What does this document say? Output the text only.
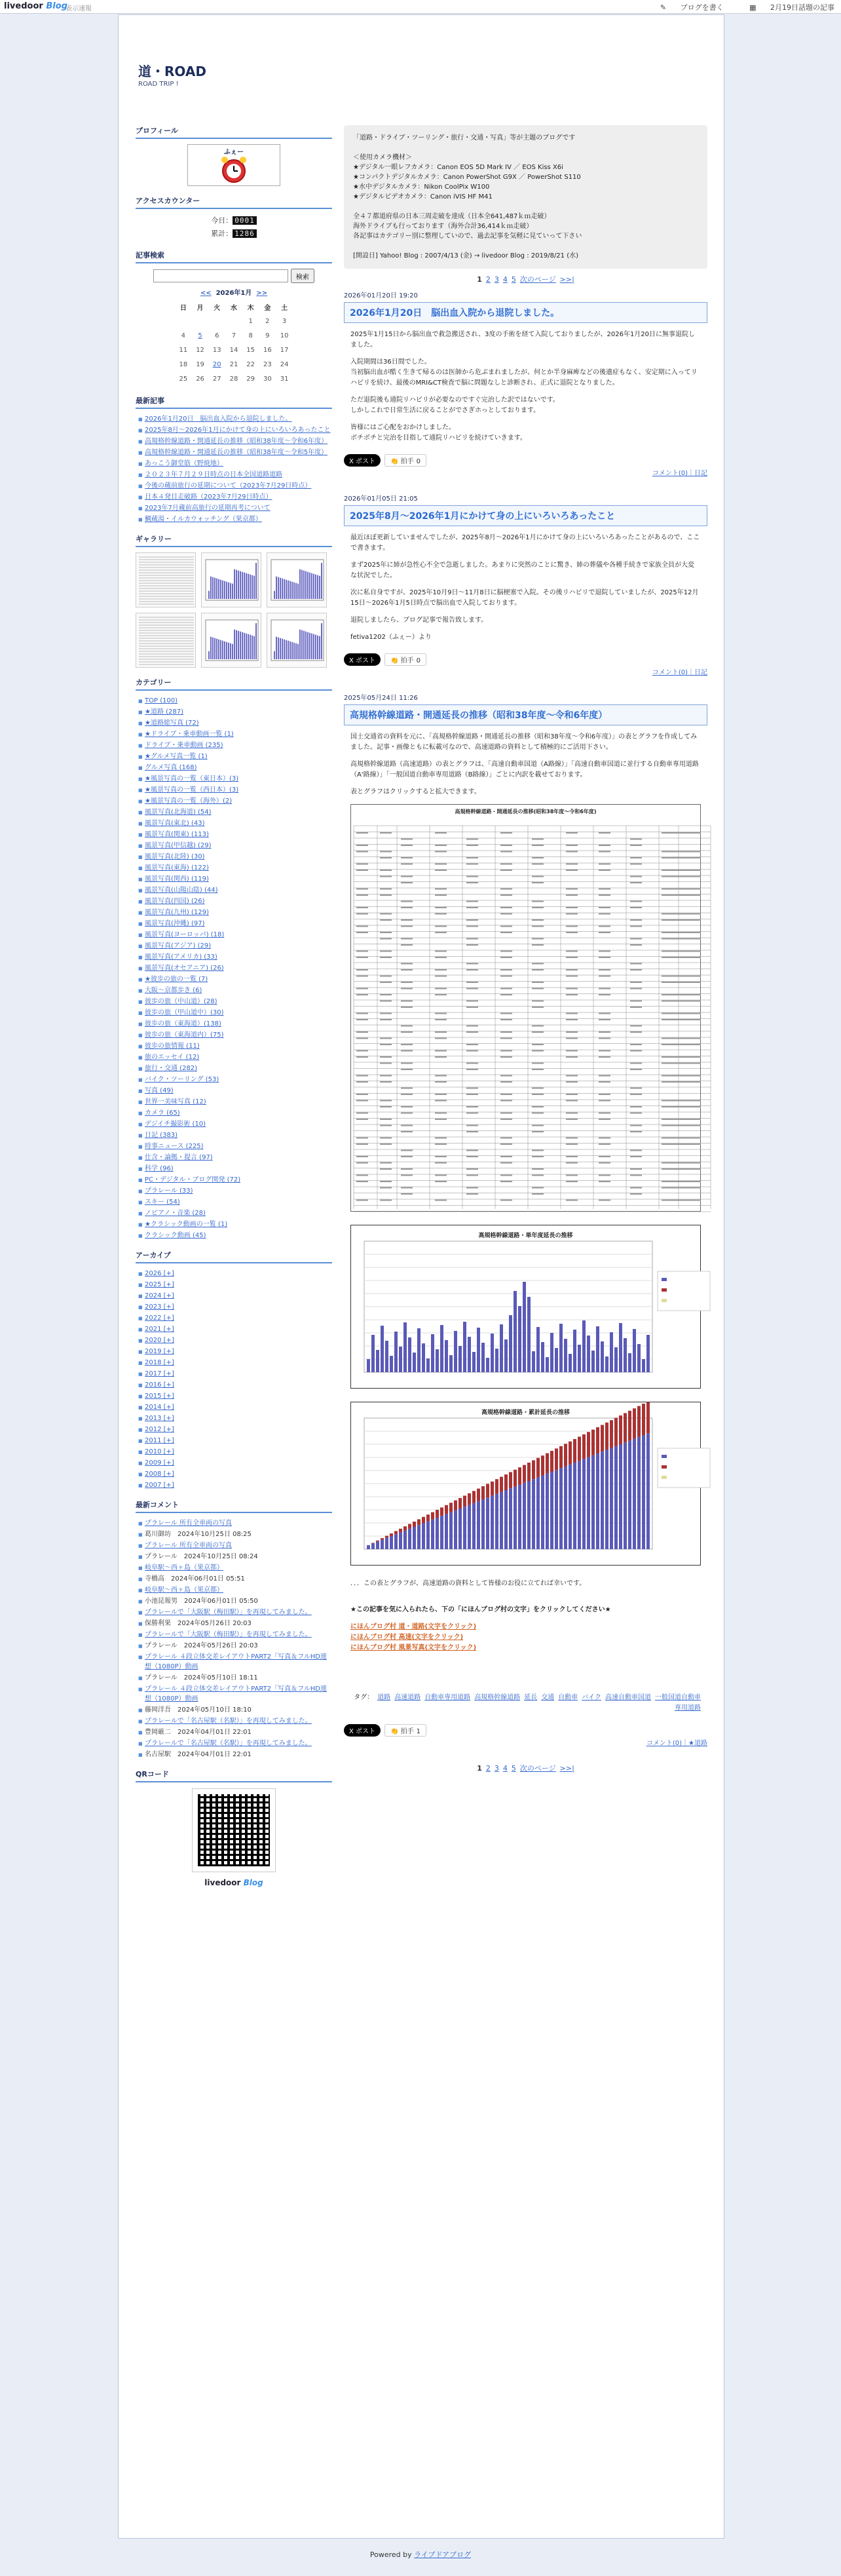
livedoor Blog
表示速報	✎ ブログを書く	▦ 2月19日話題の記事
道・ROAD
ROAD TRIP !
プロフィール
ふぇー
アクセスカウンター
今日： 0001
累計： 1286
記事検索
検索
<< 2026年1月 >>
日	月	火	水	木	金	土
				1	2	3
4	5	6	7	8	9	10
11	12	13	14	15	16	17
18	19	20	21	22	23	24
25	26	27	28	29	30	31
最新記事
■ 2026年1月20日　脳出血入院から退院しました。
■ 2025年8月〜2026年1月にかけて身の上にいろいろあったこと
■ 高規格幹線道路・開通延長の推移（昭和38年度〜令和6年度）
■ 高規格幹線道路・開通延長の推移（昭和38年度〜令和5年度）
■ あっこう御堂筋（野焼地）
■ ２０２３年７月２９日時点の日本全国道路道路
■ 今後の蔵前旅行の延期について（2023年7月29日時点）
■ 日本４発目走破路（2023年7月29日時点）
■ 2023年7月蔵前高旅行の延期再考について
■ 鯛蔵湯・イルカウォッチング（果京都）
ギャラリー
カテゴリー
■ TOP (100)
■ ★道路 (287)
■ ★道路総写真 (72)
■ ★ドライブ・乗車動画一覧 (1)
■ ドライブ・乗車動画 (235)
■ ★グルメ写真一覧 (1)
■ グルメ写真 (168)
■ ★風景写真の一覧（東日本）(3)
■ ★風景写真の一覧（西日本）(3)
■ ★風景写真の一覧（海外）(2)
■ 風景写真(北海道) (54)
■ 風景写真(東北) (43)
■ 風景写真(関東) (113)
■ 風景写真(甲信越) (29)
■ 風景写真(北陸) (30)
■ 風景写真(東海) (122)
■ 風景写真(関西) (119)
■ 風景写真(山陽山陰) (44)
■ 風景写真(四国) (26)
■ 風景写真(九州) (129)
■ 風景写真(沖縄) (97)
■ 風景写真(ヨーロッパ) (18)
■ 風景写真(アジア) (29)
■ 風景写真(アメリカ) (33)
■ 風景写真(オセアニア) (26)
■ ★彼歩の旅の一覧 (7)
■ 大阪〜京都歩き (6)
■ 彼歩の旅（中山道）(28)
■ 彼歩の旅（甲山道中）(30)
■ 彼歩の旅（東海道）(138)
■ 彼歩の旅（東海道内）(75)
■ 彼歩の旅情報 (11)
■ 旅のエッセイ (12)
■ 旅行・交通 (282)
■ バイク・ツーリング (53)
■ 写真 (49)
■ 世界一美味写真 (12)
■ カメラ (65)
■ デジイチ撮影術 (10)
■ 日記 (383)
■ 時事ニュース (225)
■ 仕含・論拠・提言 (97)
■ 科学 (96)
■ PC・デジタル・ブログ開発 (72)
■ プラレール (33)
■ スキー (54)
■ ノピアノ・音楽 (28)
■ ★クラシック動画の一覧 (1)
■ クラシック動画 (45)
アーカイブ
■ 2026 [+]
■ 2025 [+]
■ 2024 [+]
■ 2023 [+]
■ 2022 [+]
■ 2021 [+]
■ 2020 [+]
■ 2019 [+]
■ 2018 [+]
■ 2017 [+]
■ 2016 [+]
■ 2015 [+]
■ 2014 [+]
■ 2013 [+]
■ 2012 [+]
■ 2011 [+]
■ 2010 [+]
■ 2009 [+]
■ 2008 [+]
■ 2007 [+]
最新コメント
■ プラレール 所有全車両の写真
■ 葛川御坊　2024年10月25日 08:25
■ プラレール 所有全車両の写真
■ プラレール　2024年10月25日 08:24
■ 岐阜駅〜西ヶ島（果京都）
■ 寺橋高　2024年06月01日 05:51
■ 岐阜駅〜西ヶ島（果京都）
■ 小池昆報男　2024年06月01日 05:50
■ プラレールで「大阪駅（梅田駅）」を再現してみました。
■ 保勝利果　2024年05月26日 20:03
■ プラレールで「大阪駅（梅田駅）」を再現してみました。
■ プラレール　2024年05月26日 20:03
■ プラレール ４段立体交差レイアウトPART2「写真＆フルHD連想（1080P）動画
■ プラレール　2024年05月10日 18:11
■ プラレール ４段立体交差レイアウトPART2「写真＆フルHD連想（1080P）動画
■ 藤岡洋吾　2024年05月10日 18:10
■ プラレールで「名古屋駅（名駅）」を再現してみました。
■ 豊岡厳二　2024年04月01日 22:01
■ プラレールで「名古屋駅（名駅）」を再現してみました。
■ 名古屋駅　2024年04月01日 22:01
QRコード
livedoor Blog
「道路・ドライブ・ツーリング・旅行・交通・写真」等が主題のブログです

＜使用カメラ機材＞
★デジタル一眼レフカメラ：Canon EOS 5D Mark IV ／ EOS Kiss X6i
★コンパクトデジタルカメラ：Canon PowerShot G9X ／ PowerShot S110
★水中デジタルカメラ：Nikon CoolPix W100
★デジタルビデオカメラ：Canon iVIS HF M41

全４７都道府県の日本三周走破を達成（日本全641,487ｋｍ走破）
海外ドライブも行っております（海外合計36,414ｋｍ走破）
各記事はカテゴリー別に整理していので、過去記事を気軽に見ていって下さい

[開設日] Yahoo! Blog : 2007/4/13 (金) → livedoor Blog : 2019/8/21 (水)
1 2 3 4 5 次のページ >>|
2026年01月20日 19:20
2026年1月20日　脳出血入院から退院しました。

2025年1月15日から脳出血で救急搬送され、3度の手術を経て入院しておりましたが、2026年1月20日に無事退院しました。

入院期間は36日間でした。
当初脳出血が酷く生きて帰るのは医師から危ぶまれましたが、何とか半身麻痺などの後遺症もなく、安定期に入ってリハビリを続け、最後のMRI&CT検査で脳に問題なしと診断され、正式に退院となりました。

ただ退院後も通院リハビリが必要なのですぐ完治した訳ではないです。
しかしこれで日常生活に戻ることがでさぎホっとしております。

皆様にはご心配をおかけしました。
ボチボチと完治を目指して通院リハビリを続けていきます。

X ポスト 👏 拍手 0
コメント(0)｜日記
2026年01月05日 21:05
2025年8月〜2026年1月にかけて身の上にいろいろあったこと

最近ほぼ更新していませんでしたが、2025年8月〜2026年1月にかけて身の上にいろいろあったことがあるので、ここで書きます。

まず2025年に姉が急性心不全で急逝しました。あまりに突然のことに驚き、姉の葬儀や各種手続きで家族全員が大変な状況でした。

次に私自身ですが、2025年10月9日〜11月8日に脳梗塞で入院。その後リハビリで退院していましたが、2025年12月15日〜2026年1月5日時点で脳出血で入院しております。

退院しましたら、ブログ記事で報告致します。

fetiva1202（ふぇー）より

X ポスト 👏 拍手 0
コメント(0)｜日記
2025年05月24日 11:26
高規格幹線道路・開通延長の推移（昭和38年度〜令和6年度）

国土交通省の資料を元に、「高規格幹線道路・開通延長の推移（昭和38年度〜令和6年度）」の表とグラフを作成してみました。記事・画像ともに転載可なので、高速道路の資料として積極的にご活用下さい。

高規格幹線道路（高速道路）の表とグラフは、「高速自動車国道（A路線）」「高速自動車国道に並行する自動車専用道路（A'路線）」「一般国道自動車専用道路（B路線）」ごとに内訳を載せております。

表とグラフはクリックすると拡大できます。

高規格幹線道路・開通延長の推移(昭和38年度〜令和6年度)
高規格幹線道路・単年度延長の推移
高規格幹線道路・累計延長の推移

．．．この表とグラフが、高速道路の資料として皆様のお役に立てれば幸いです。

★この記事を気に入られたら、下の「にほんブログ村の文字」をクリックしてください★

にほんブログ村 道・道路(文字をクリック)
にほんブログ村 高速(文字をクリック)
にほんブログ村 風景写真(文字をクリック)
タグ： 道路 高速道路 自動車専用道路 高規格幹線道路 延長 交通 自動車 バイク 高速自動車国道 一般国道自動車専用道路
X ポスト 👏 拍手 1
コメント(0)｜★道路
1 2 3 4 5 次のページ >>|
Powered by ライブドアブログ
